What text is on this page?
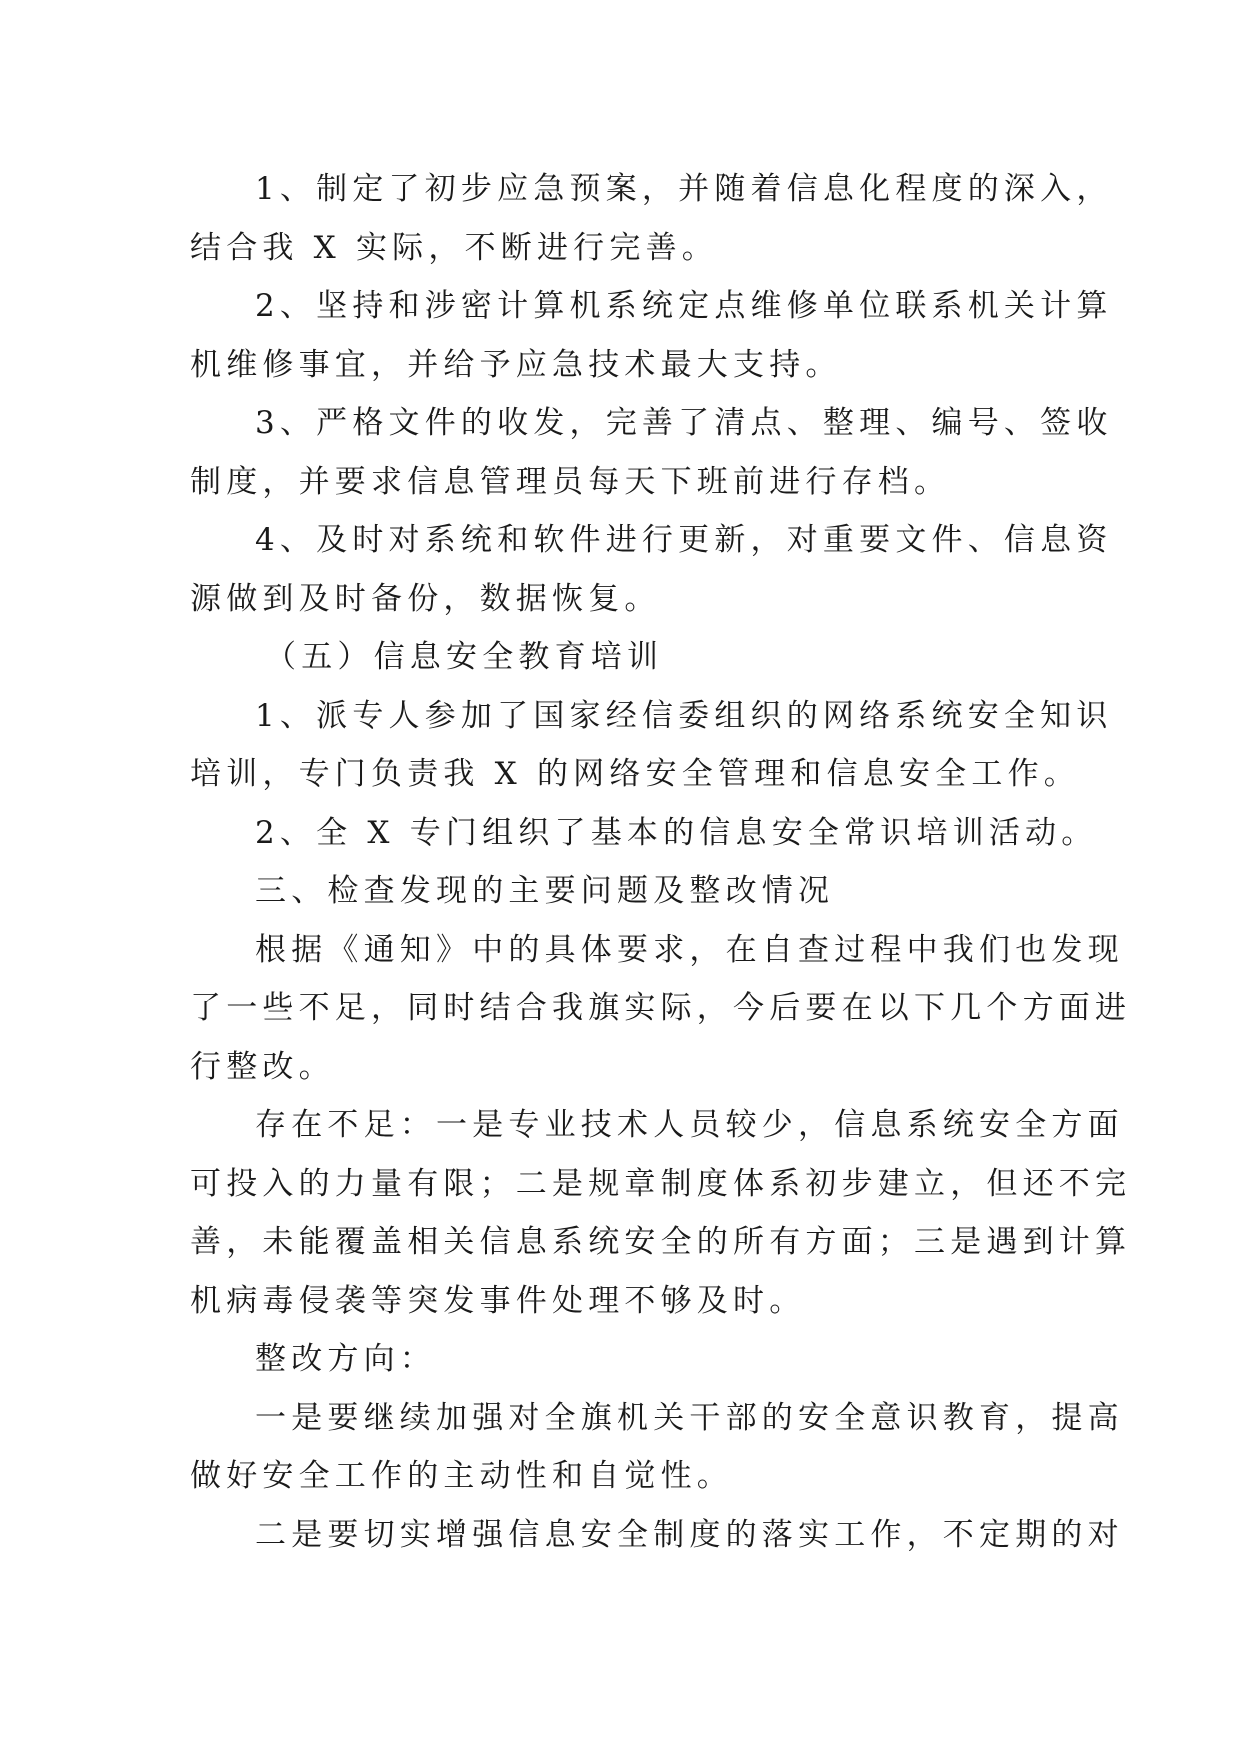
1、制定了初步应急预案，并随着信息化程度的深入，
结合我 X 实际，不断进行完善。
2、坚持和涉密计算机系统定点维修单位联系机关计算
机维修事宜，并给予应急技术最大支持。
3、严格文件的收发，完善了清点、整理、编号、签收
制度，并要求信息管理员每天下班前进行存档。
4、及时对系统和软件进行更新，对重要文件、信息资
源做到及时备份，数据恢复。
（五）信息安全教育培训
1、派专人参加了国家经信委组织的网络系统安全知识
培训，专门负责我 X 的网络安全管理和信息安全工作。
2、全 X 专门组织了基本的信息安全常识培训活动。
三、检查发现的主要问题及整改情况
根据《通知》中的具体要求，在自查过程中我们也发现
了一些不足，同时结合我旗实际，今后要在以下几个方面进
行整改。
存在不足：一是专业技术人员较少，信息系统安全方面
可投入的力量有限；二是规章制度体系初步建立，但还不完
善，未能覆盖相关信息系统安全的所有方面；三是遇到计算
机病毒侵袭等突发事件处理不够及时。
整改方向：
一是要继续加强对全旗机关干部的安全意识教育，提高
做好安全工作的主动性和自觉性。
二是要切实增强信息安全制度的落实工作，不定期的对
